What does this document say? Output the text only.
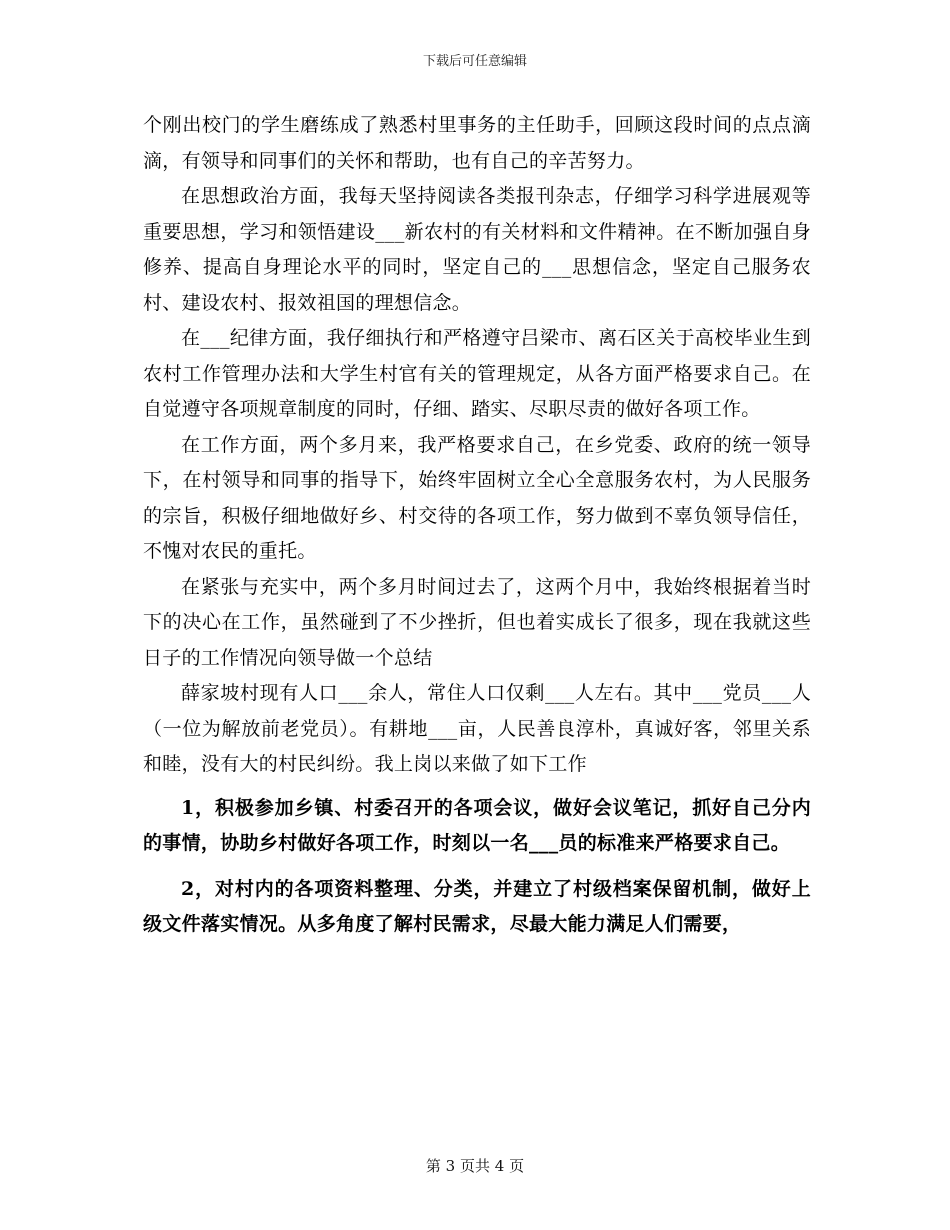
下载后可任意编辑

个刚出校门的学生磨练成了熟悉村里事务的主任助手，回顾这段时间的点点滴滴，有领导和同事们的关怀和帮助，也有自己的辛苦努力。

在思想政治方面，我每天坚持阅读各类报刊杂志，仔细学习科学进展观等重要思想，学习和领悟建设___新农村的有关材料和文件精神。在不断加强自身修养、提高自身理论水平的同时，坚定自己的___思想信念，坚定自己服务农村、建设农村、报效祖国的理想信念。

在___纪律方面，我仔细执行和严格遵守吕梁市、离石区关于高校毕业生到农村工作管理办法和大学生村官有关的管理规定，从各方面严格要求自己。在自觉遵守各项规章制度的同时，仔细、踏实、尽职尽责的做好各项工作。

在工作方面，两个多月来，我严格要求自己，在乡党委、政府的统一领导下，在村领导和同事的指导下，始终牢固树立全心全意服务农村，为人民服务的宗旨，积极仔细地做好乡、村交待的各项工作，努力做到不辜负领导信任，不愧对农民的重托。

在紧张与充实中，两个多月时间过去了，这两个月中，我始终根据着当时下的决心在工作，虽然碰到了不少挫折，但也着实成长了很多，现在我就这些日子的工作情况向领导做一个总结

薛家坡村现有人口___余人，常住人口仅剩___人左右。其中___党员___人（一位为解放前老党员）。有耕地___亩，人民善良淳朴，真诚好客，邻里关系和睦，没有大的村民纠纷。我上岗以来做了如下工作

1，积极参加乡镇、村委召开的各项会议，做好会议笔记，抓好自己分内的事情，协助乡村做好各项工作，时刻以一名___员的标准来严格要求自己。

2，对村内的各项资料整理、分类，并建立了村级档案保留机制，做好上级文件落实情况。从多角度了解村民需求，尽最大能力满足人们需要，

第 3 页共 4 页
